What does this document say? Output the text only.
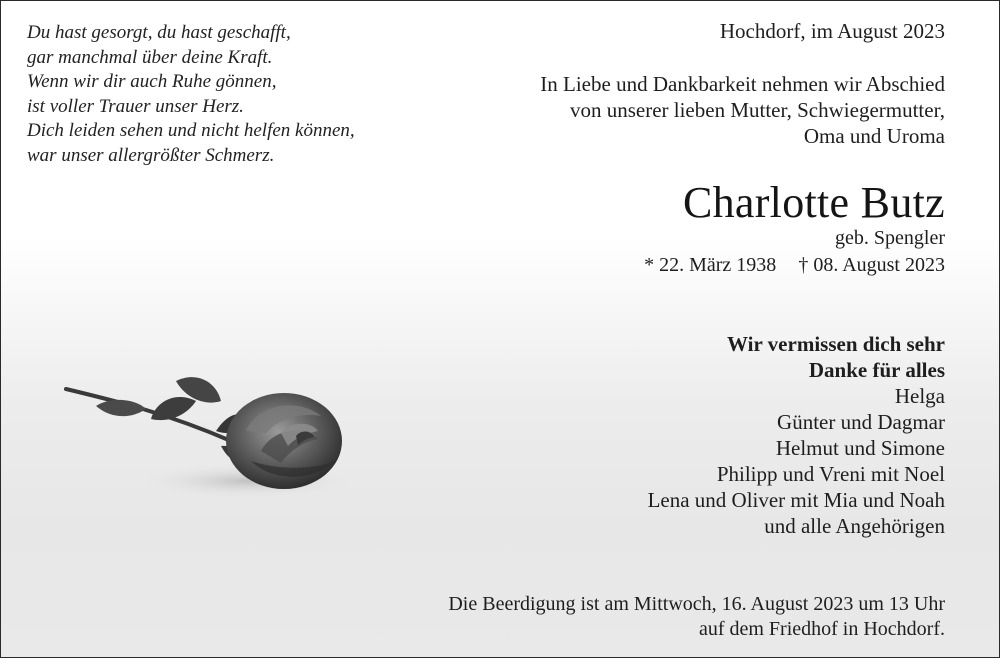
Du hast gesorgt, du hast geschafft,
gar manchmal über deine Kraft.
Wenn wir dir auch Ruhe gönnen,
ist voller Trauer unser Herz.
Dich leiden sehen und nicht helfen können,
war unser allergrößter Schmerz.
Hochdorf, im August 2023
In Liebe und Dankbarkeit nehmen wir Abschied
von unserer lieben Mutter, Schwiegermutter,
Oma und Uroma
Charlotte Butz
geb. Spengler
* 22. März 1938 † 08. August 2023
Wir vermissen dich sehr
Danke für alles
Helga
Günter und Dagmar
Helmut und Simone
Philipp und Vreni mit Noel
Lena und Oliver mit Mia und Noah
und alle Angehörigen
Die Beerdigung ist am Mittwoch, 16. August 2023 um 13 Uhr
auf dem Friedhof in Hochdorf.
